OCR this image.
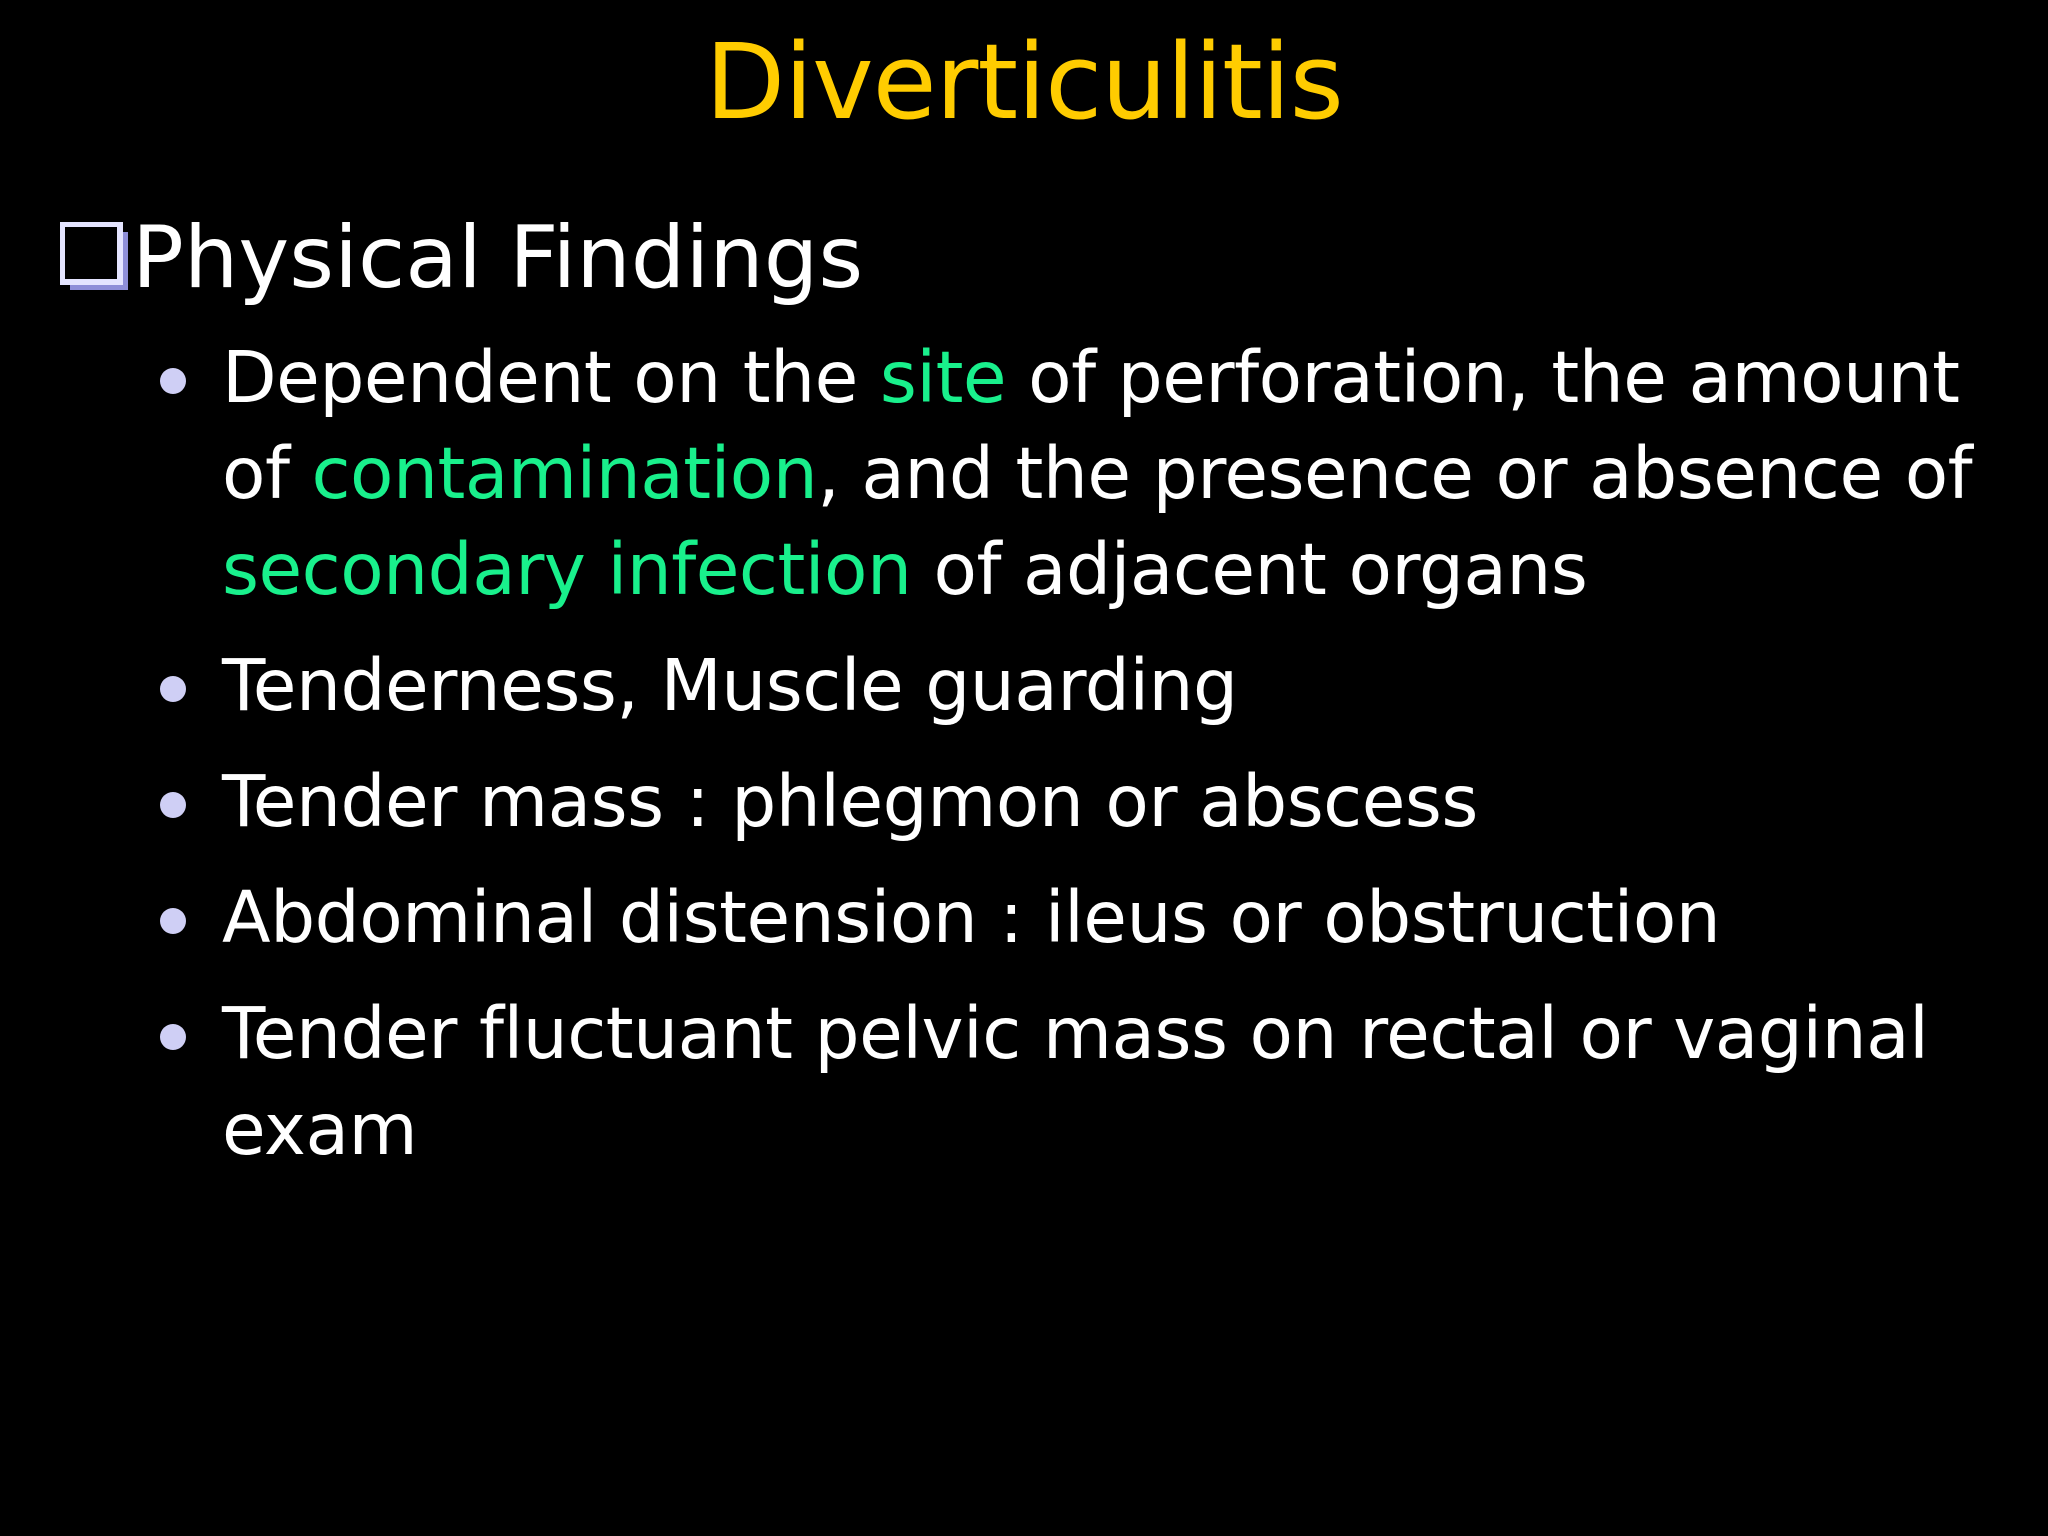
Diverticulitis
Physical Findings
Dependent on the site of perforation, the amount of contamination, and the presence or absence of secondary infection of adjacent organs
Tenderness, Muscle guarding
Tender mass : phlegmon or abscess
Abdominal distension : ileus or obstruction
Tender fluctuant pelvic mass on rectal or vaginal exam
